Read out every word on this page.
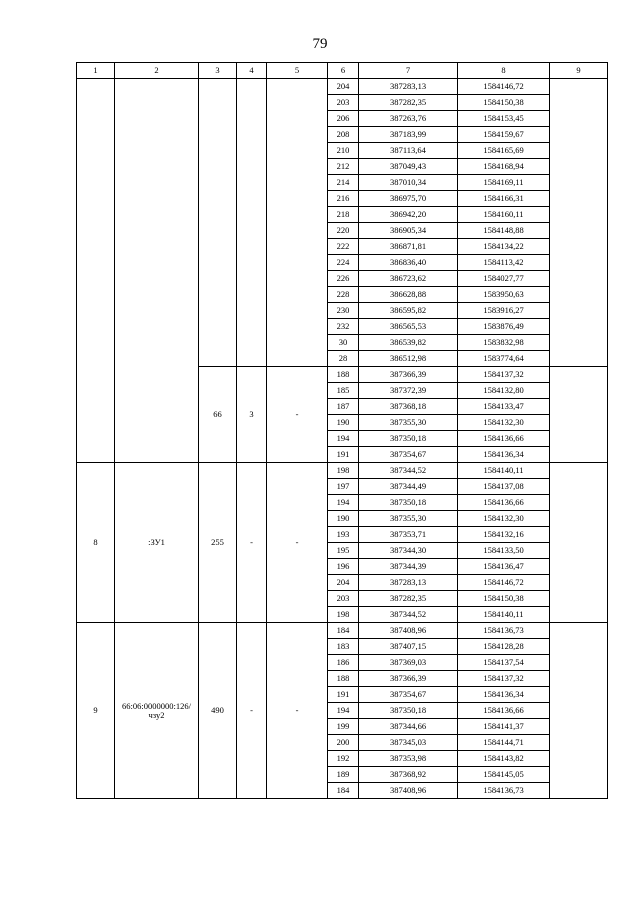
79
1	2	3	4	5	6	7	8	9
					204	387283,13	1584146,72	
					203	387282,35	1584150,38	
					206	387263,76	1584153,45	
					208	387183,99	1584159,67	
					210	387113,64	1584165,69	
					212	387049,43	1584168,94	
					214	387010,34	1584169,11	
					216	386975,70	1584166,31	
					218	386942,20	1584160,11	
					220	386905,34	1584148,88	
					222	386871,81	1584134,22	
					224	386836,40	1584113,42	
					226	386723,62	1584027,77	
					228	386628,88	1583950,63	
					230	386595,82	1583916,27	
					232	386565,53	1583876,49	
					30	386539,82	1583832,98	
					28	386512,98	1583774,64	
		66	3	-	188	387366,39	1584137,32	
					185	387372,39	1584132,80	
					187	387368,18	1584133,47	
					190	387355,30	1584132,30	
					194	387350,18	1584136,66	
					191	387354,67	1584136,34	
8	:ЗУ1	255	-	-	198	387344,52	1584140,11	
					197	387344,49	1584137,08	
					194	387350,18	1584136,66	
					190	387355,30	1584132,30	
					193	387353,71	1584132,16	
					195	387344,30	1584133,50	
					196	387344,39	1584136,47	
					204	387283,13	1584146,72	
					203	387282,35	1584150,38	
					198	387344,52	1584140,11	
9	66:06:0000000:126/чзу2	490	-	-	184	387408,96	1584136,73	
					183	387407,15	1584128,28	
					186	387369,03	1584137,54	
					188	387366,39	1584137,32	
					191	387354,67	1584136,34	
					194	387350,18	1584136,66	
					199	387344,66	1584141,37	
					200	387345,03	1584144,71	
					192	387353,98	1584143,82	
					189	387368,92	1584145,05	
					184	387408,96	1584136,73	
